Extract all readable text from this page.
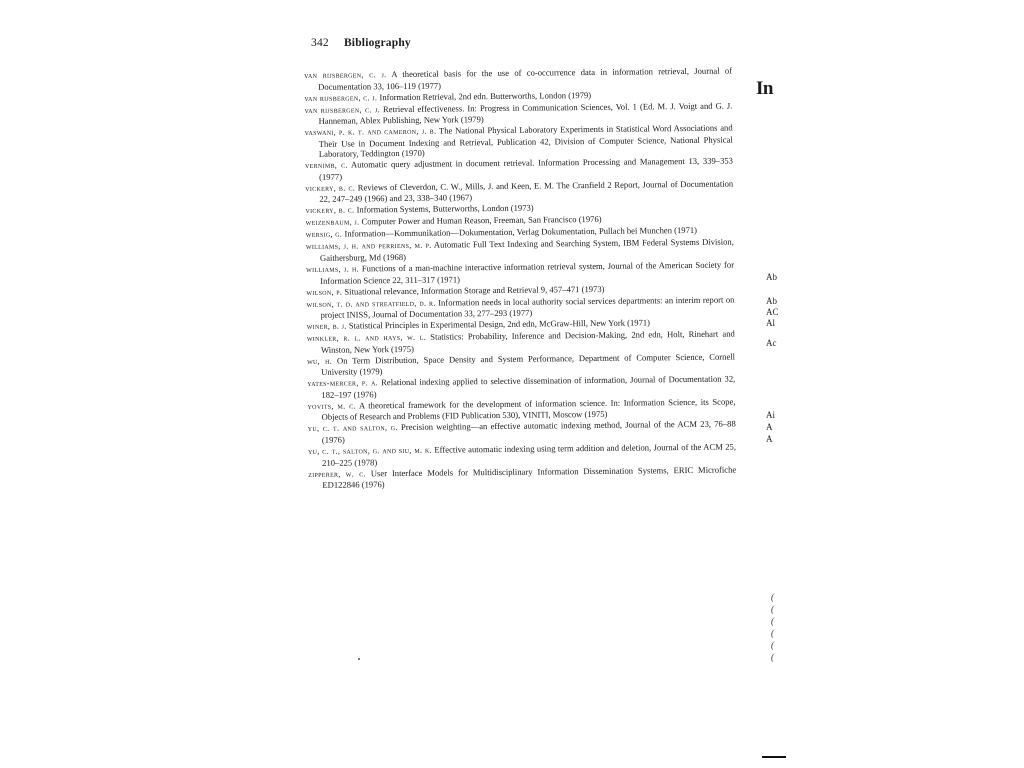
342 Bibliography

van rijsbergen, c. j. A theoretical basis for the use of co-occurrence data in information retrieval, Journal of Documentation 33, 106–119 (1977)

van rijsbergen, c. j. Information Retrieval, 2nd edn. Butterworths, London (1979)

van rijsbergen, c. j. Retrieval effectiveness. In: Progress in Communication Sciences, Vol. 1 (Ed. M. J. Voigt and G. J. Hanneman, Ablex Publishing, New York (1979)

vaswani, p. k. t. and cameron, j. b. The National Physical Laboratory Experiments in Statistical Word Associations and Their Use in Document Indexing and Retrieval, Publication 42, Division of Computer Science, National Physical Laboratory, Teddington (1970)

vernimb, c. Automatic query adjustment in document retrieval. Information Processing and Management 13, 339–353 (1977)

vickery, b. c. Reviews of Cleverdon, C. W., Mills, J. and Keen, E. M. The Cranfield 2 Report, Journal of Documentation 22, 247–249 (1966) and 23, 338–340 (1967)

vickery, b. c. Information Systems, Butterworths, London (1973)

weizenbaum, j. Computer Power and Human Reason, Freeman, San Francisco (1976)

wersig, g. Information—Kommunikation—Dokumentation, Verlag Dokumentation, Pullach bei Munchen (1971)

williams, j. h. and perriens, m. p. Automatic Full Text Indexing and Searching System, IBM Federal Systems Division, Gaithersburg, Md (1968)

williams, j. h. Functions of a man-machine interactive information retrieval system, Journal of the American Society for Information Science 22, 311–317 (1971)

wilson, p. Situational relevance, Information Storage and Retrieval 9, 457–471 (1973)

wilson, t. d. and streatfield, d. r. Information needs in local authority social services departments: an interim report on project INISS, Journal of Documentation 33, 277–293 (1977)

winer, b. j. Statistical Principles in Experimental Design, 2nd edn, McGraw-Hill, New York (1971)

winkler, r. l. and hays, w. l. Statistics: Probability, Inference and Decision-Making, 2nd edn, Holt, Rinehart and Winston, New York (1975)

wu, h. On Term Distribution, Space Density and System Performance, Department of Computer Science, Cornell University (1979)

yates-mercer, p. a. Relational indexing applied to selective dissemination of information, Journal of Documentation 32, 182–197 (1976)

yovits, m. c. A theoretical framework for the development of information science. In: Information Science, its Scope, Objects of Research and Problems (FID Publication 530), VINITI, Moscow (1975)

yu, c. t. and salton, g. Precision weighting—an effective automatic indexing method, Journal of the ACM 23, 76–88 (1976)

yu, c. t., salton, g. and siu, m. k. Effective automatic indexing using term addition and deletion, Journal of the ACM 25, 210–225 (1978)

zipperer, w. c. User Interface Models for Multidisciplinary Information Dissemination Systems, ERIC Microfiche ED122846 (1976)

In
Ab
Ab
AC
Al
Ac
Ai
A
A
(
(
(
(
(
(
